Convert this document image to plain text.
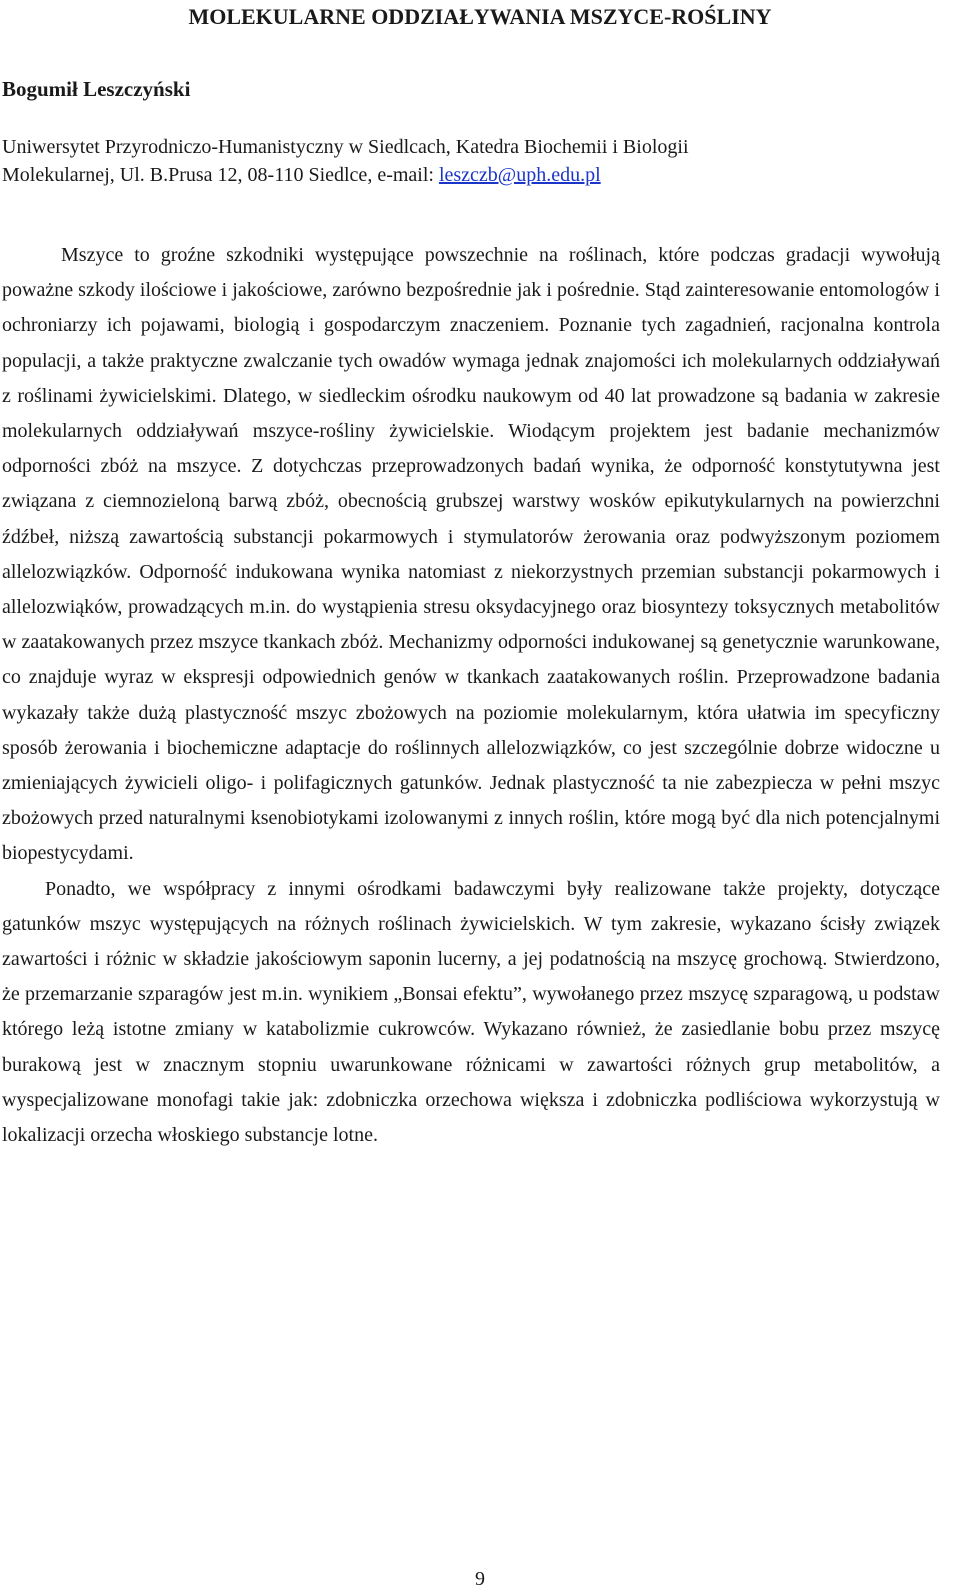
MOLEKULARNE ODDZIAŁYWANIA MSZYCE-ROŚLINY

Bogumił Leszczyński

Uniwersytet Przyrodniczo-Humanistyczny w Siedlcach, Katedra Biochemii i Biologii
Molekularnej, Ul. B.Prusa 12, 08-110 Siedlce, e-mail: leszczb@uph.edu.pl

Mszyce to groźne szkodniki występujące powszechnie na roślinach, które podczas gradacji wywołują poważne szkody ilościowe i jakościowe, zarówno bezpośrednie jak i pośrednie. Stąd zainteresowanie entomologów i ochroniarzy ich pojawami, biologią i gospodarczym znaczeniem. Poznanie tych zagadnień, racjonalna kontrola populacji, a także praktyczne zwalczanie tych owadów wymaga jednak znajomości ich molekularnych oddziaływań z roślinami żywicielskimi. Dlatego, w siedleckim ośrodku naukowym od 40 lat prowadzone są badania w zakresie molekularnych oddziaływań mszyce-rośliny żywicielskie. Wiodącym projektem jest badanie mechanizmów odporności zbóż na mszyce. Z dotychczas przeprowadzonych badań wynika, że odporność konstytutywna jest związana z ciemnozieloną barwą zbóż, obecnością grubszej warstwy wosków epikutykularnych na powierzchni źdźbeł, niższą zawartością substancji pokarmowych i stymulatorów żerowania oraz podwyższonym poziomem allelozwiązków. Odporność indukowana wynika natomiast z niekorzystnych przemian substancji pokarmowych i allelozwiąków, prowadzących m.in. do wystąpienia stresu oksydacyjnego oraz biosyntezy toksycznych metabolitów w zaatakowanych przez mszyce tkankach zbóż. Mechanizmy odporności indukowanej są genetycznie warunkowane, co znajduje wyraz w ekspresji odpowiednich genów w tkankach zaatakowanych roślin. Przeprowadzone badania wykazały także dużą plastyczność mszyc zbożowych na poziomie molekularnym, która ułatwia im specyficzny sposób żerowania i biochemiczne adaptacje do roślinnych allelozwiązków, co jest szczególnie dobrze widoczne u zmieniających żywicieli oligo- i polifagicznych gatunków. Jednak plastyczność ta nie zabezpiecza w pełni mszyc zbożowych przed naturalnymi ksenobiotykami izolowanymi z innych roślin, które mogą być dla nich potencjalnymi biopestycydami.

Ponadto, we współpracy z innymi ośrodkami badawczymi były realizowane także projekty, dotyczące gatunków mszyc występujących na różnych roślinach żywicielskich. W tym zakresie, wykazano ścisły związek zawartości i różnic w składzie jakościowym saponin lucerny, a jej podatnością na mszycę grochową. Stwierdzono, że przemarzanie szparagów jest m.in. wynikiem „Bonsai efektu”, wywołanego przez mszycę szparagową, u podstaw którego leżą istotne zmiany w katabolizmie cukrowców. Wykazano również, że zasiedlanie bobu przez mszycę burakową jest w znacznym stopniu uwarunkowane różnicami w zawartości różnych grup metabolitów, a wyspecjalizowane monofagi takie jak: zdobniczka orzechowa większa i zdobniczka podliściowa wykorzystują w lokalizacji orzecha włoskiego substancje lotne.

9
